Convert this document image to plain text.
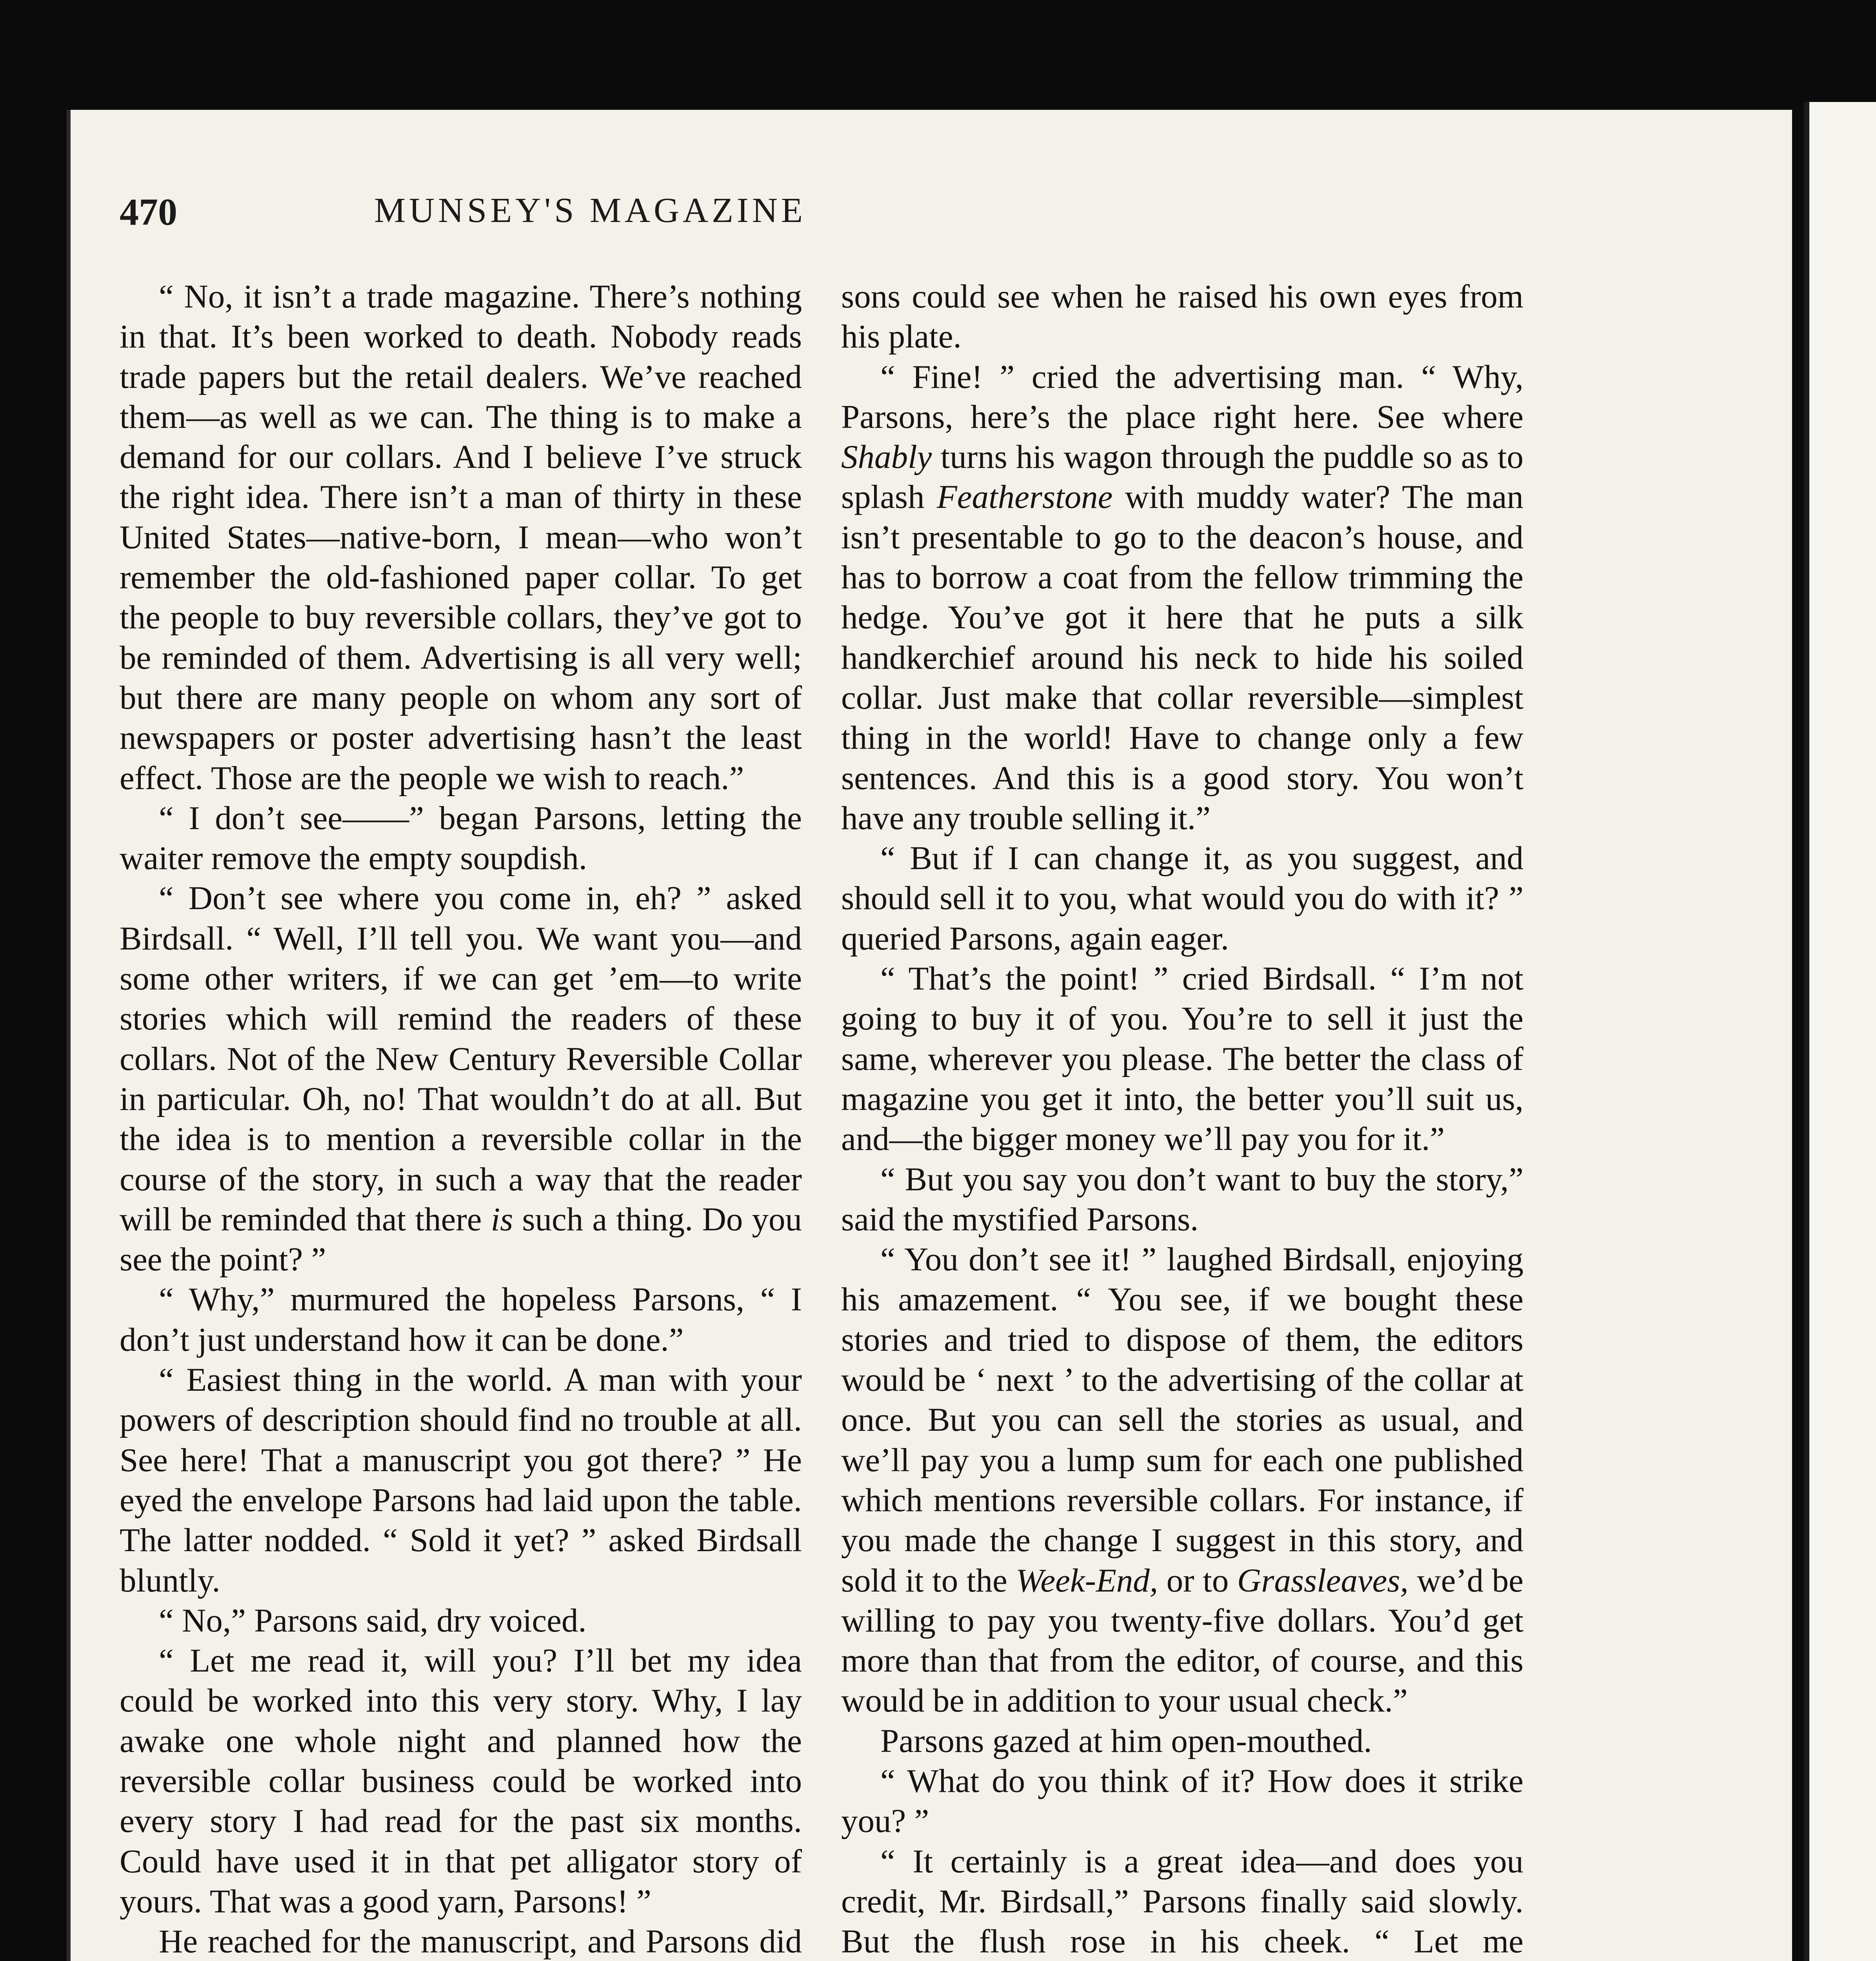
470	MUNSEY'S MAGAZINE

“ No, it isn’t a trade magazine. There’s nothing in that. It’s been worked to death. Nobody reads trade papers but the retail dealers. We’ve reached them—as well as we can. The thing is to make a demand for our collars. And I believe I’ve struck the right idea. There isn’t a man of thirty in these United States—native-born, I mean—who won’t remember the old-fashioned paper collar. To get the people to buy reversible collars, they’ve got to be reminded of them. Advertising is all very well; but there are many people on whom any sort of newspapers or poster advertising hasn’t the least effect. Those are the people we wish to reach.”

“ I don’t see——” began Parsons, letting the waiter remove the empty soupdish.

“ Don’t see where you come in, eh? ” asked Birdsall. “ Well, I’ll tell you. We want you—and some other writers, if we can get ’em—to write stories which will remind the readers of these collars. Not of the New Century Reversible Collar in particular. Oh, no! That wouldn’t do at all. But the idea is to mention a reversible collar in the course of the story, in such a way that the reader will be reminded that there is such a thing. Do you see the point? ”

“ Why,” murmured the hopeless Parsons, “ I don’t just understand how it can be done.”

“ Easiest thing in the world. A man with your powers of description should find no trouble at all. See here! That a manuscript you got there? ” He eyed the envelope Parsons had laid upon the table. The latter nodded. “ Sold it yet? ” asked Birdsall bluntly.

“ No,” Parsons said, dry voiced.

“ Let me read it, will you? I’ll bet my idea could be worked into this very story. Why, I lay awake one whole night and planned how the reversible collar business could be worked into every story I had read for the past six months. Could have used it in that pet alligator story of yours. That was a good yarn, Parsons! ”

He reached for the manuscript, and Parsons did

sons could see when he raised his own eyes from his plate.

“ Fine! ” cried the advertising man. “ Why, Parsons, here’s the place right here. See where Shably turns his wagon through the puddle so as to splash Featherstone with muddy water? The man isn’t presentable to go to the deacon’s house, and has to borrow a coat from the fellow trimming the hedge. You’ve got it here that he puts a silk handkerchief around his neck to hide his soiled collar. Just make that collar reversible—simplest thing in the world! Have to change only a few sentences. And this is a good story. You won’t have any trouble selling it.”

“ But if I can change it, as you suggest, and should sell it to you, what would you do with it? ” queried Parsons, again eager.

“ That’s the point! ” cried Birdsall. “ I’m not going to buy it of you. You’re to sell it just the same, wherever you please. The better the class of magazine you get it into, the better you’ll suit us, and—the bigger money we’ll pay you for it.”

“ But you say you don’t want to buy the story,” said the mystified Parsons.

“ You don’t see it! ” laughed Birdsall, enjoying his amazement. “ You see, if we bought these stories and tried to dispose of them, the editors would be ‘ next ’ to the advertising of the collar at once. But you can sell the stories as usual, and we’ll pay you a lump sum for each one published which mentions reversible collars. For instance, if you made the change I suggest in this story, and sold it to the Week-End, or to Grassleaves, we’d be willing to pay you twenty-five dollars. You’d get more than that from the editor, of course, and this would be in addition to your usual check.”

Parsons gazed at him open-mouthed.

“ What do you think of it? How does it strike you? ”

“ It certainly is a great idea—and does you credit, Mr. Birdsall,” Parsons finally said slowly. But the flush rose in his cheek. “ Let me
